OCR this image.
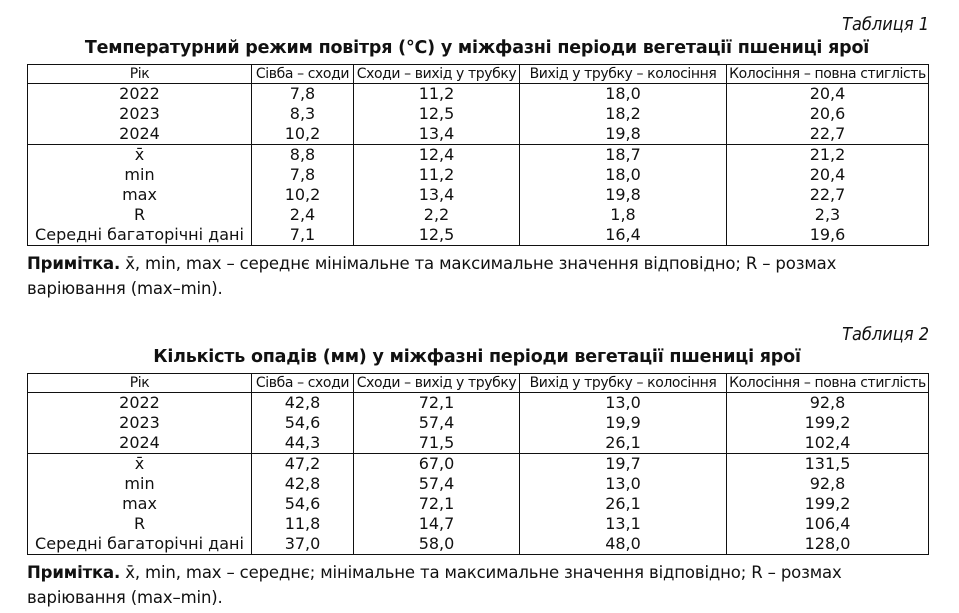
Таблиця 1
Температурний режим повітря (°С) у міжфазні періоди вегетації пшениці ярої
Рік	Сівба – сходи	Сходи – вихід у трубку	Вихід у трубку – колосіння	Колосіння – повна стиглість
2022	7,8	11,2	18,0	20,4
2023	8,3	12,5	18,2	20,6
2024	10,2	13,4	19,8	22,7
x̄	8,8	12,4	18,7	21,2
min	7,8	11,2	18,0	20,4
max	10,2	13,4	19,8	22,7
R	2,4	2,2	1,8	2,3
Середні багаторічні дані	7,1	12,5	16,4	19,6
Примітка. x̄, min, max – середнє мінімальне та максимальне значення відповідно; R – розмах варіювання (max–min).
Таблиця 2
Кількість опадів (мм) у міжфазні періоди вегетації пшениці ярої
Рік	Сівба – сходи	Сходи – вихід у трубку	Вихід у трубку – колосіння	Колосіння – повна стиглість
2022	42,8	72,1	13,0	92,8
2023	54,6	57,4	19,9	199,2
2024	44,3	71,5	26,1	102,4
x̄	47,2	67,0	19,7	131,5
min	42,8	57,4	13,0	92,8
max	54,6	72,1	26,1	199,2
R	11,8	14,7	13,1	106,4
Середні багаторічні дані	37,0	58,0	48,0	128,0
Примітка. x̄, min, max – середнє; мінімальне та максимальне значення відповідно; R – розмах варіювання (max–min).
